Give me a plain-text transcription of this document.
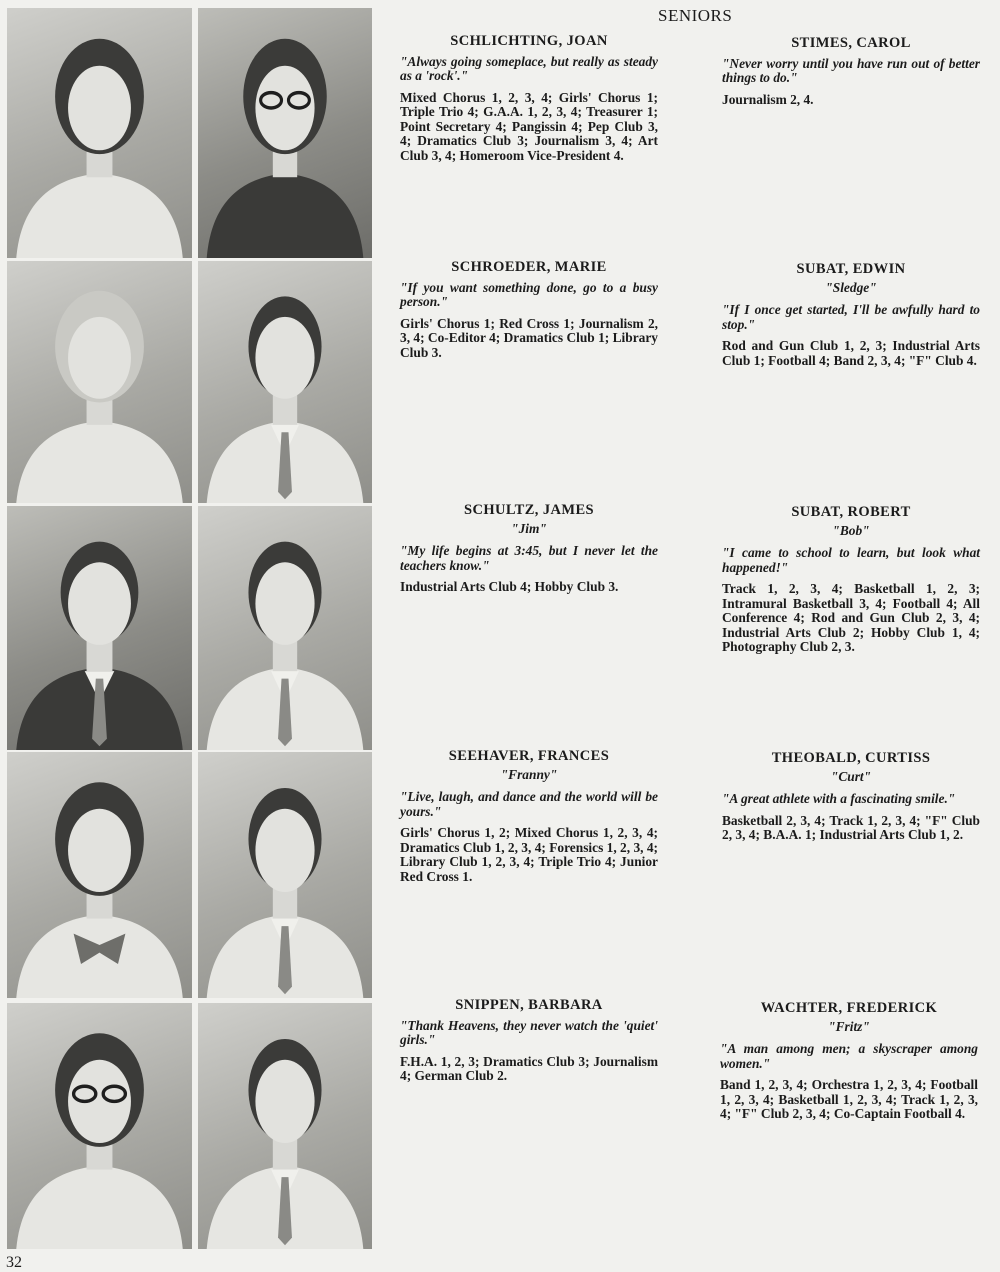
SENIORS
SCHLICHTING, JOAN
"Always going someplace, but really as steady as a 'rock'."
Mixed Chorus 1, 2, 3, 4; Girls' Chorus 1; Triple Trio 4; G.A.A. 1, 2, 3, 4; Treasurer 1; Point Secretary 4; Pangissin 4; Pep Club 3, 4; Dramatics Club 3; Journalism 3, 4; Art Club 3, 4; Homeroom Vice-President 4.
STIMES, CAROL
"Never worry until you have run out of better things to do."
Journalism 2, 4.
SCHROEDER, MARIE
"If you want something done, go to a busy person."
Girls' Chorus 1; Red Cross 1; Journalism 2, 3, 4; Co-Editor 4; Dramatics Club 1; Library Club 3.
SUBAT, EDWIN
"Sledge"
"If I once get started, I'll be awfully hard to stop."
Rod and Gun Club 1, 2, 3; Industrial Arts Club 1; Football 4; Band 2, 3, 4; "F" Club 4.
SCHULTZ, JAMES
"Jim"
"My life begins at 3:45, but I never let the teachers know."
Industrial Arts Club 4; Hobby Club 3.
SUBAT, ROBERT
"Bob"
"I came to school to learn, but look what happened!"
Track 1, 2, 3, 4; Basketball 1, 2, 3; Intramural Basketball 3, 4; Football 4; All Conference 4; Rod and Gun Club 2, 3, 4; Industrial Arts Club 2; Hobby Club 1, 4; Photography Club 2, 3.
SEEHAVER, FRANCES
"Franny"
"Live, laugh, and dance and the world will be yours."
Girls' Chorus 1, 2; Mixed Chorus 1, 2, 3, 4; Dramatics Club 1, 2, 3, 4; Forensics 1, 2, 3, 4; Library Club 1, 2, 3, 4; Triple Trio 4; Junior Red Cross 1.
THEOBALD, CURTISS
"Curt"
"A great athlete with a fascinating smile."
Basketball 2, 3, 4; Track 1, 2, 3, 4; "F" Club 2, 3, 4; B.A.A. 1; Industrial Arts Club 1, 2.
SNIPPEN, BARBARA
"Thank Heavens, they never watch the 'quiet' girls."
F.H.A. 1, 2, 3; Dramatics Club 3; Journalism 4; German Club 2.
WACHTER, FREDERICK
"Fritz"
"A man among men; a skyscraper among women."
Band 1, 2, 3, 4; Orchestra 1, 2, 3, 4; Football 1, 2, 3, 4; Basketball 1, 2, 3, 4; Track 1, 2, 3, 4; "F" Club 2, 3, 4; Co-Captain Football 4.
32
